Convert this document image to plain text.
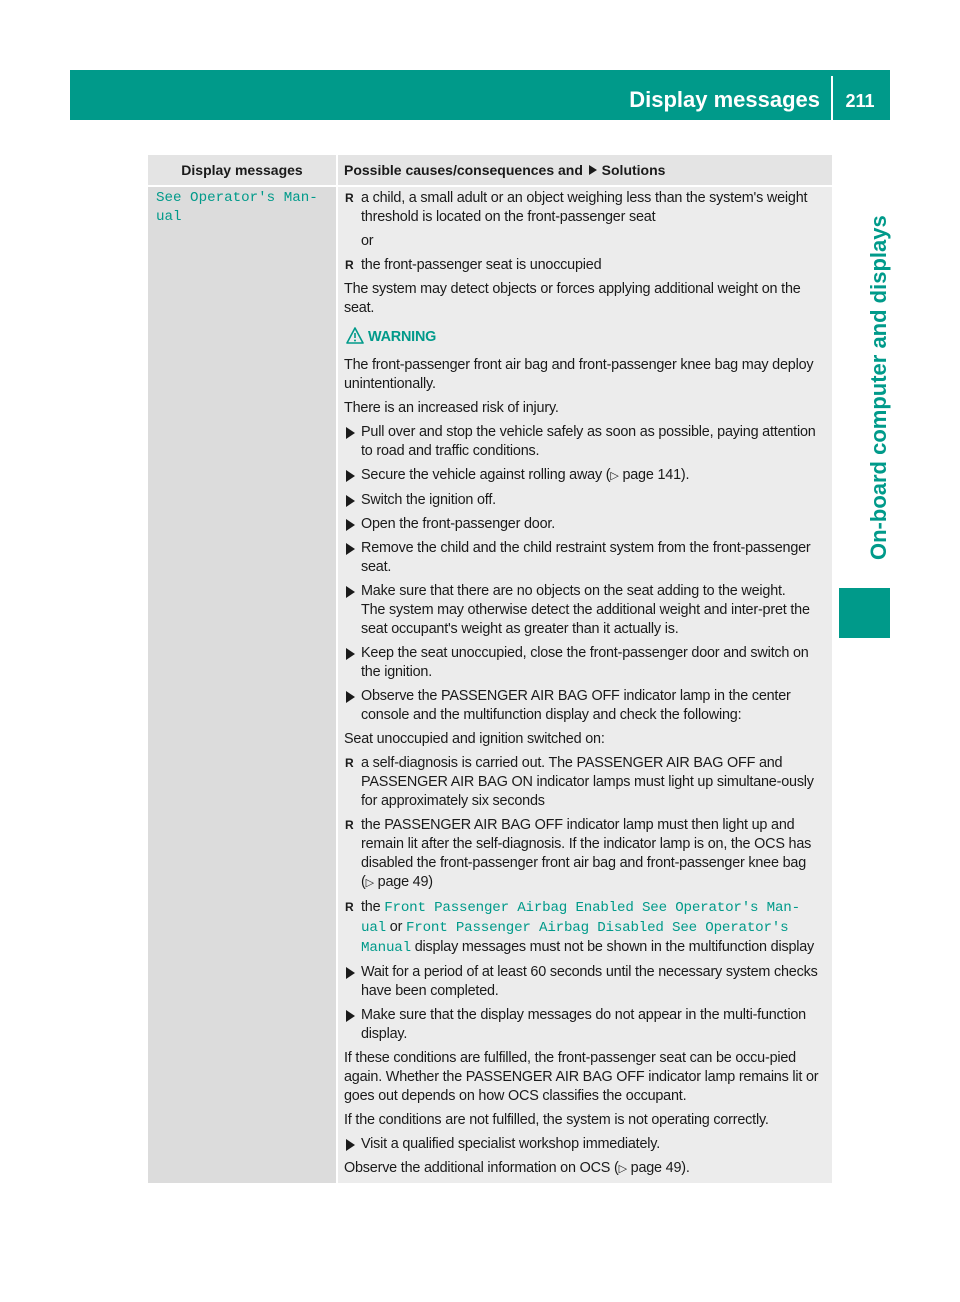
Display messages	211
On-board computer and displays
Display messages	Possible causes/consequences and Solutions
See Operator's Man‐ ual
R a child, a small adult or an object weighing less than the system's weight threshold is located on the front-passenger seat

or

R the front-passenger seat is unoccupied

The system may detect objects or forces applying additional weight on the seat.

WARNING

The front-passenger front air bag and front-passenger knee bag may deploy unintentionally.

There is an increased risk of injury.

Pull over and stop the vehicle safely as soon as possible, paying attention to road and traffic conditions.
Secure the vehicle against rolling away (▷ page 141).
Switch the ignition off.
Open the front-passenger door.
Remove the child and the child restraint system from the front-passenger seat.
Make sure that there are no objects on the seat adding to the weight.
The system may otherwise detect the additional weight and inter-pret the seat occupant's weight as greater than it actually is.
Keep the seat unoccupied, close the front-passenger door and switch on the ignition.
Observe the PASSENGER AIR BAG OFF indicator lamp in the center console and the multifunction display and check the following:

Seat unoccupied and ignition switched on:

R a self-diagnosis is carried out. The PASSENGER AIR BAG OFF and PASSENGER AIR BAG ON indicator lamps must light up simultane-ously for approximately six seconds
R the PASSENGER AIR BAG OFF indicator lamp must then light up and remain lit after the self-diagnosis. If the indicator lamp is on, the OCS has disabled the front-passenger front air bag and front-passenger knee bag (▷ page 49)
R the Front Passenger Airbag Enabled See Operator's Man‐ ual or Front Passenger Airbag Disabled See Operator's Manual display messages must not be shown in the multifunction display
Wait for a period of at least 60 seconds until the necessary system checks have been completed.
Make sure that the display messages do not appear in the multi-function display.

If these conditions are fulfilled, the front-passenger seat can be occu-pied again. Whether the PASSENGER AIR BAG OFF indicator lamp remains lit or goes out depends on how OCS classifies the occupant.

If the conditions are not fulfilled, the system is not operating correctly.

Visit a qualified specialist workshop immediately.

Observe the additional information on OCS (▷ page 49).
